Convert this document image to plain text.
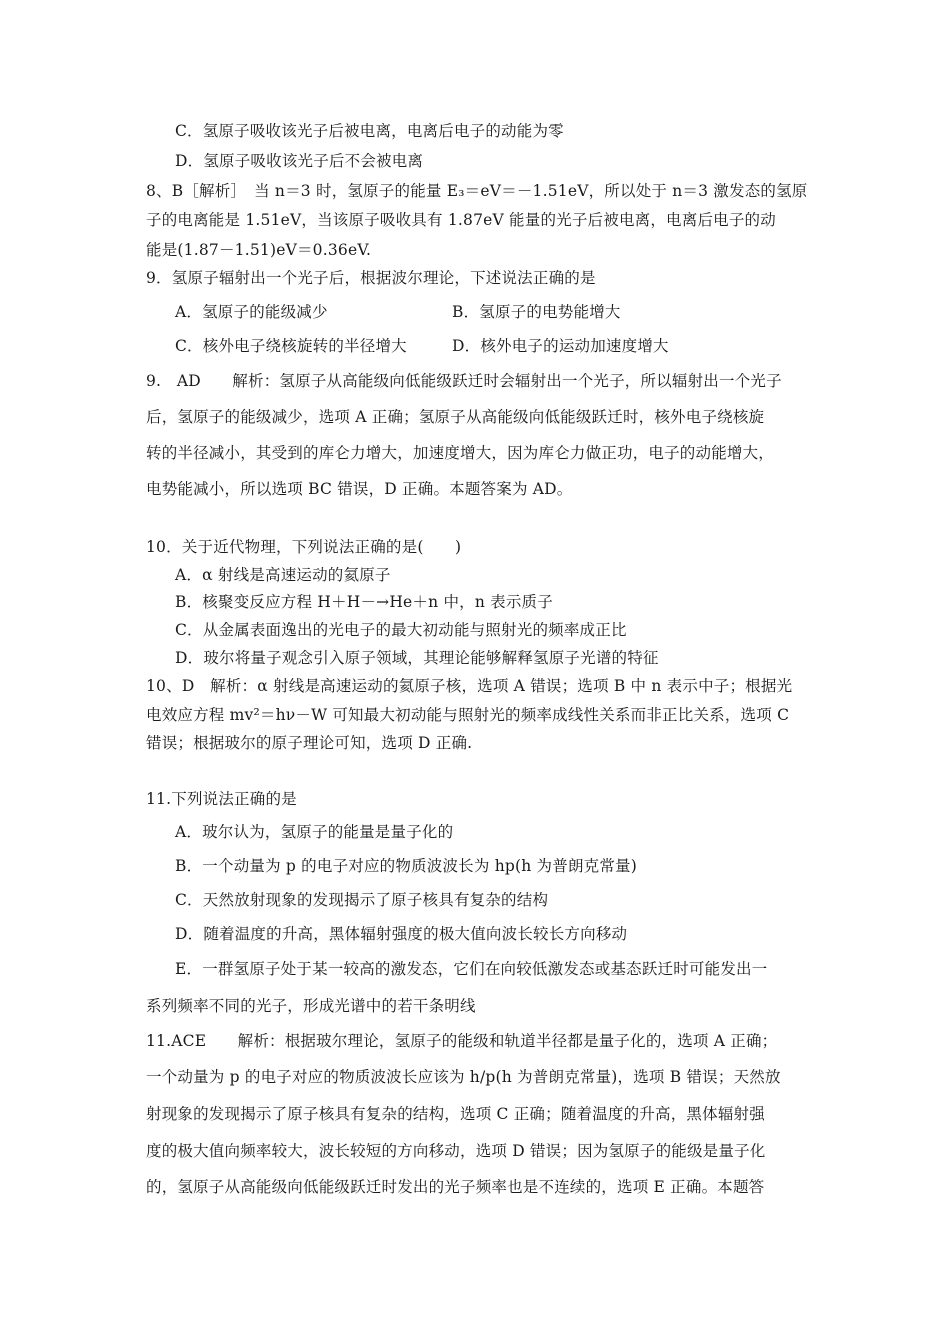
C．氢原子吸收该光子后被电离，电离后电子的动能为零
D．氢原子吸收该光子后不会被电离
8、B［解析］　当 n＝3 时，氢原子的能量 E₃＝eV＝－1.51eV，所以处于 n＝3 激发态的氢原
子的电离能是 1.51eV，当该原子吸收具有 1.87eV 能量的光子后被电离，电离后电子的动
能是(1.87－1.51)eV＝0.36eV.
9．氢原子辐射出一个光子后，根据波尔理论，下述说法正确的是
A．氢原子的能级减少	B．氢原子的电势能增大
C．核外电子绕核旋转的半径增大	D．核外电子的运动加速度增大
9.　AD　　解析：氢原子从高能级向低能级跃迁时会辐射出一个光子，所以辐射出一个光子
后，氢原子的能级减少，选项 A 正确；氢原子从高能级向低能级跃迁时，核外电子绕核旋
转的半径减小，其受到的库仑力增大，加速度增大，因为库仑力做正功，电子的动能增大，
电势能减小，所以选项 BC 错误，D 正确。本题答案为 AD。
10．关于近代物理，下列说法正确的是(　　)
A．α 射线是高速运动的氦原子
B．核聚变反应方程 H＋H－→He＋n 中，n 表示质子
C．从金属表面逸出的光电子的最大初动能与照射光的频率成正比
D．玻尔将量子观念引入原子领域，其理论能够解释氢原子光谱的特征
10、D　解析：α 射线是高速运动的氦原子核，选项 A 错误；选项 B 中 n 表示中子；根据光
电效应方程 mv²＝hν－W 可知最大初动能与照射光的频率成线性关系而非正比关系，选项 C
错误；根据玻尔的原子理论可知，选项 D 正确.
11.下列说法正确的是
A．玻尔认为，氢原子的能量是量子化的
B．一个动量为 p 的电子对应的物质波波长为 hp(h 为普朗克常量)
C．天然放射现象的发现揭示了原子核具有复杂的结构
D．随着温度的升高，黑体辐射强度的极大值向波长较长方向移动
E．一群氢原子处于某一较高的激发态，它们在向较低激发态或基态跃迁时可能发出一
系列频率不同的光子，形成光谱中的若干条明线
11.ACE　　解析：根据玻尔理论，氢原子的能级和轨道半径都是量子化的，选项 A 正确；
一个动量为 p 的电子对应的物质波波长应该为 h/p(h 为普朗克常量)，选项 B 错误；天然放
射现象的发现揭示了原子核具有复杂的结构，选项 C 正确；随着温度的升高，黑体辐射强
度的极大值向频率较大，波长较短的方向移动，选项 D 错误；因为氢原子的能级是量子化
的，氢原子从高能级向低能级跃迁时发出的光子频率也是不连续的，选项 E 正确。本题答
